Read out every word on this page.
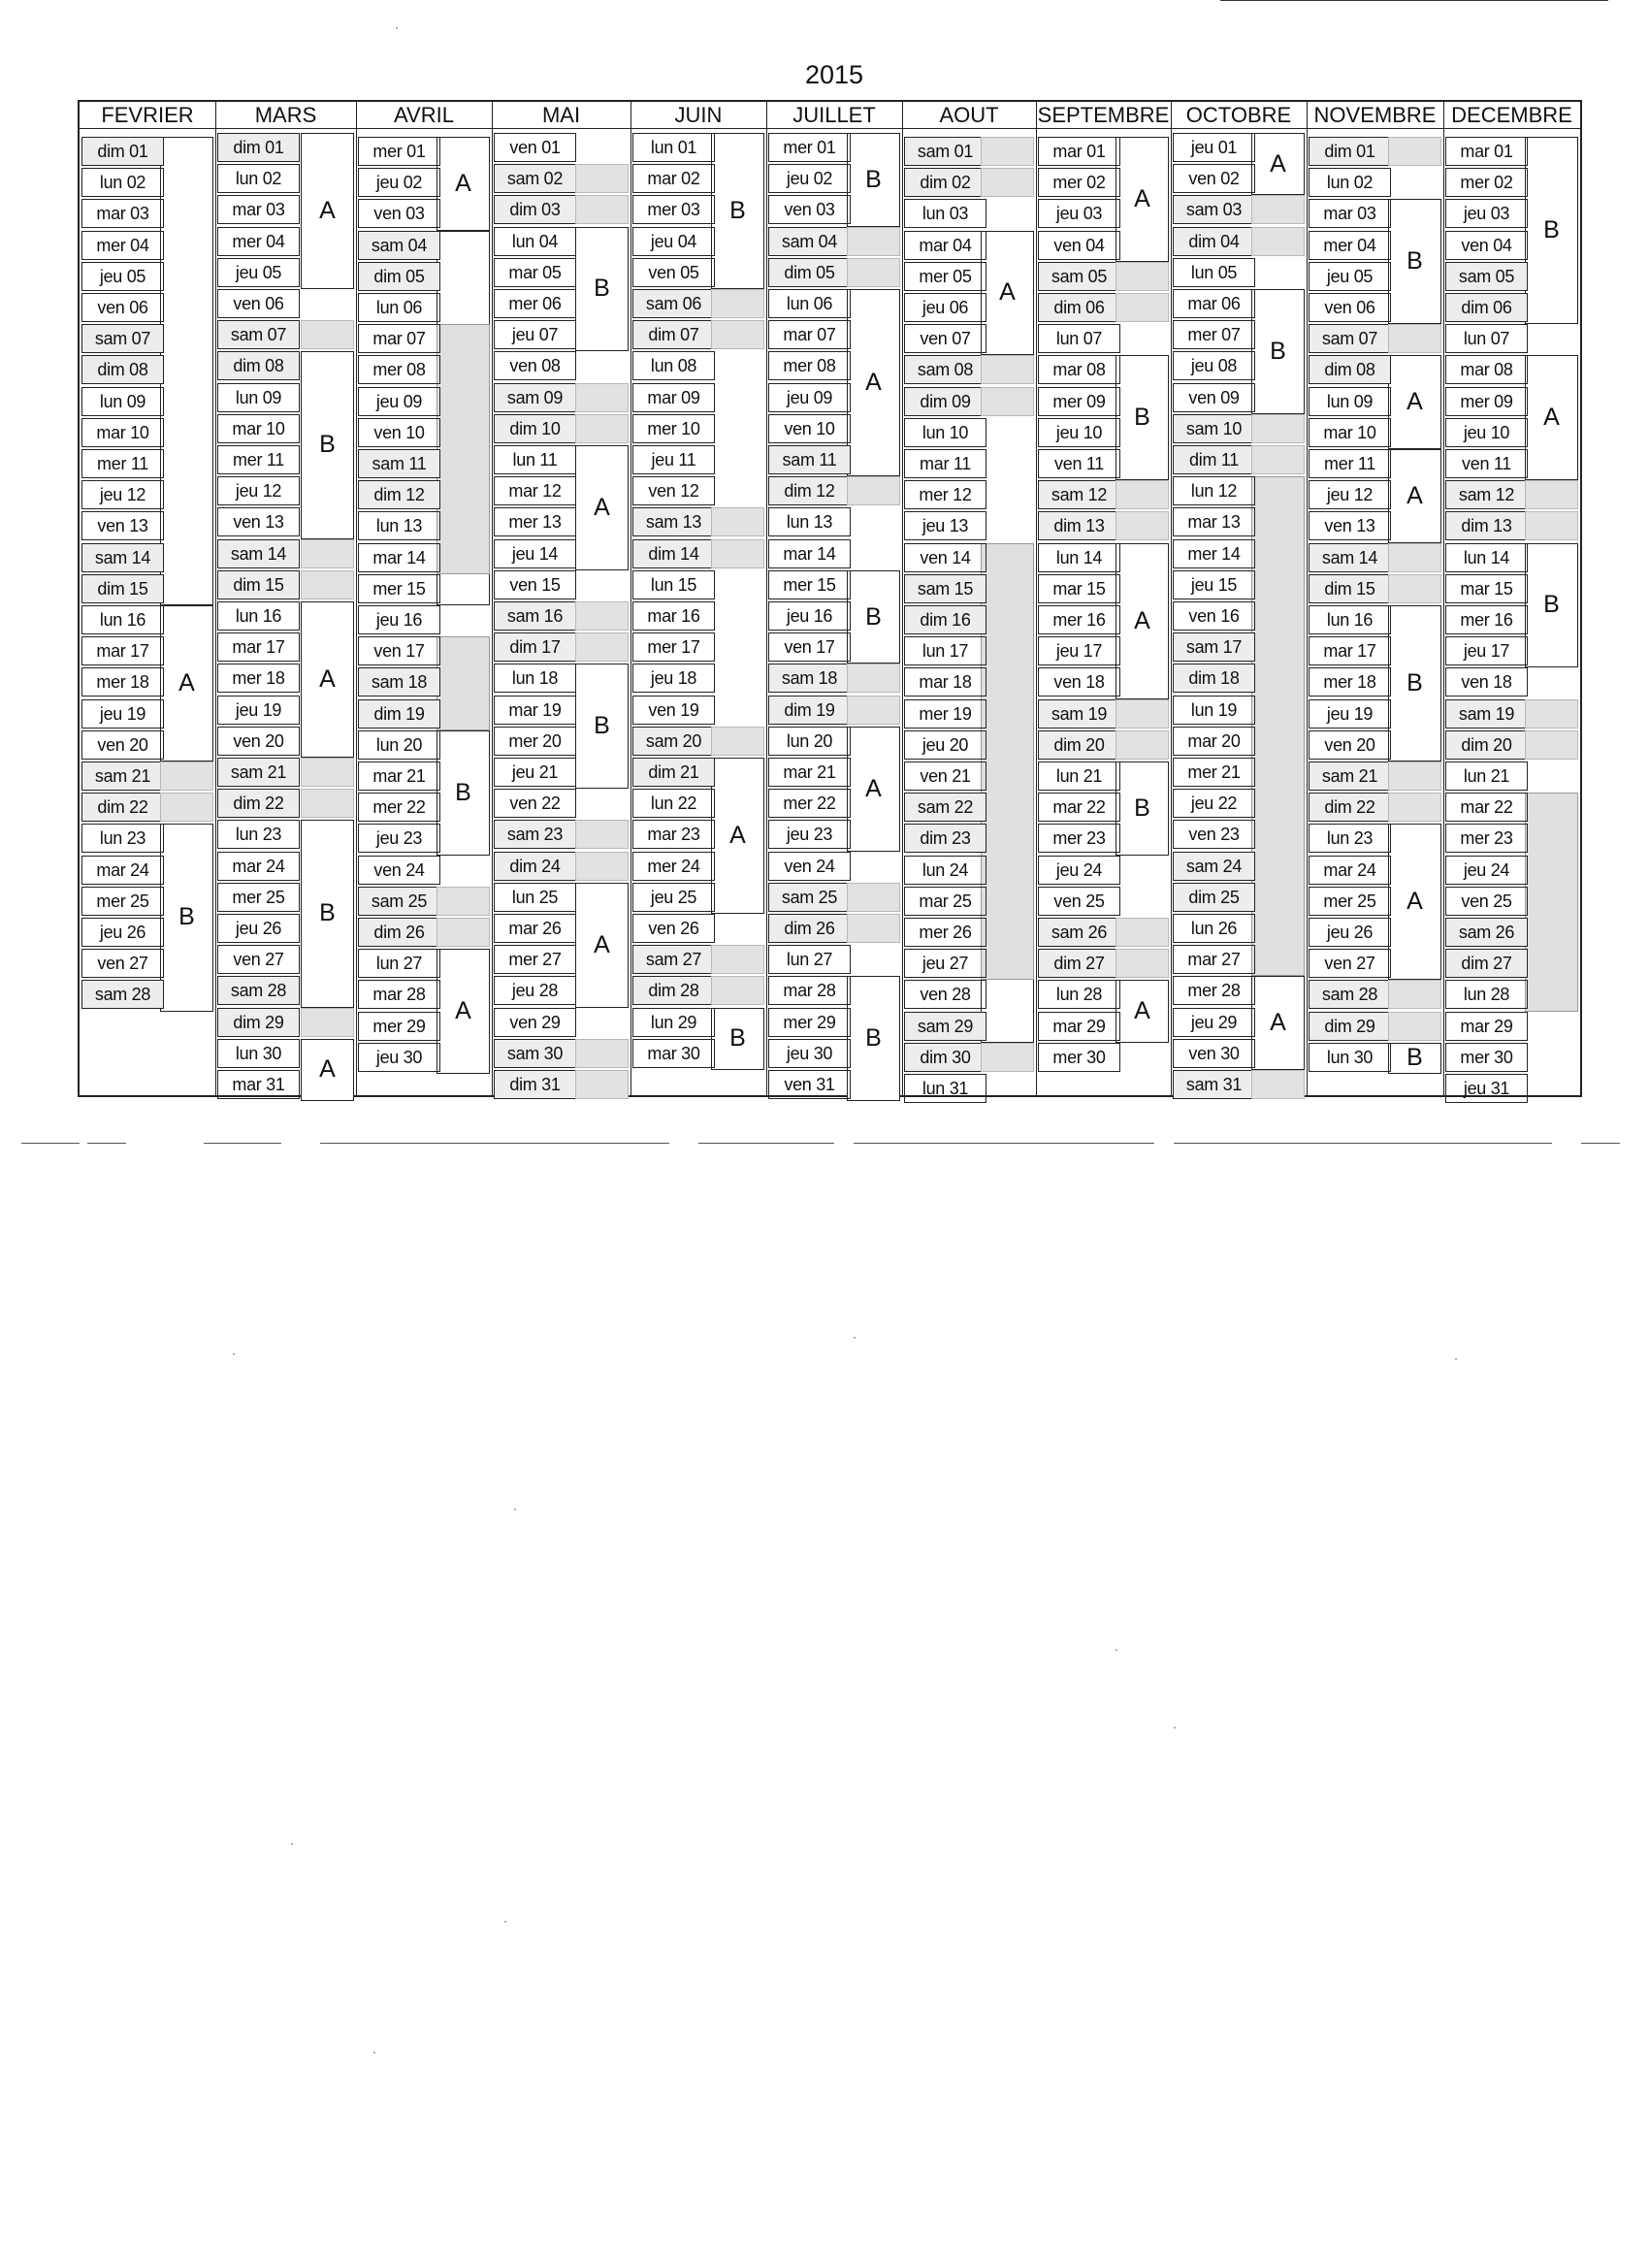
2015
FEVRIER
A
B
dim 01
lun 02
mar 03
mer 04
jeu 05
ven 06
sam 07
dim 08
lun 09
mar 10
mer 11
jeu 12
ven 13
sam 14
dim 15
lun 16
mar 17
mer 18
jeu 19
ven 20
sam 21
dim 22
lun 23
mar 24
mer 25
jeu 26
ven 27
sam 28
MARS
A
B
A
B
A
dim 01
lun 02
mar 03
mer 04
jeu 05
ven 06
sam 07
dim 08
lun 09
mar 10
mer 11
jeu 12
ven 13
sam 14
dim 15
lun 16
mar 17
mer 18
jeu 19
ven 20
sam 21
dim 22
lun 23
mar 24
mer 25
jeu 26
ven 27
sam 28
dim 29
lun 30
mar 31
AVRIL
A
B
A
mer 01
jeu 02
ven 03
sam 04
dim 05
lun 06
mar 07
mer 08
jeu 09
ven 10
sam 11
dim 12
lun 13
mar 14
mer 15
jeu 16
ven 17
sam 18
dim 19
lun 20
mar 21
mer 22
jeu 23
ven 24
sam 25
dim 26
lun 27
mar 28
mer 29
jeu 30
MAI
B
A
B
A
ven 01
sam 02
dim 03
lun 04
mar 05
mer 06
jeu 07
ven 08
sam 09
dim 10
lun 11
mar 12
mer 13
jeu 14
ven 15
sam 16
dim 17
lun 18
mar 19
mer 20
jeu 21
ven 22
sam 23
dim 24
lun 25
mar 26
mer 27
jeu 28
ven 29
sam 30
dim 31
JUIN
B
A
B
lun 01
mar 02
mer 03
jeu 04
ven 05
sam 06
dim 07
lun 08
mar 09
mer 10
jeu 11
ven 12
sam 13
dim 14
lun 15
mar 16
mer 17
jeu 18
ven 19
sam 20
dim 21
lun 22
mar 23
mer 24
jeu 25
ven 26
sam 27
dim 28
lun 29
mar 30
JUILLET
B
A
B
A
B
mer 01
jeu 02
ven 03
sam 04
dim 05
lun 06
mar 07
mer 08
jeu 09
ven 10
sam 11
dim 12
lun 13
mar 14
mer 15
jeu 16
ven 17
sam 18
dim 19
lun 20
mar 21
mer 22
jeu 23
ven 24
sam 25
dim 26
lun 27
mar 28
mer 29
jeu 30
ven 31
AOUT
A
sam 01
dim 02
lun 03
mar 04
mer 05
jeu 06
ven 07
sam 08
dim 09
lun 10
mar 11
mer 12
jeu 13
ven 14
sam 15
dim 16
lun 17
mar 18
mer 19
jeu 20
ven 21
sam 22
dim 23
lun 24
mar 25
mer 26
jeu 27
ven 28
sam 29
dim 30
lun 31
SEPTEMBRE
A
B
A
B
A
mar 01
mer 02
jeu 03
ven 04
sam 05
dim 06
lun 07
mar 08
mer 09
jeu 10
ven 11
sam 12
dim 13
lun 14
mar 15
mer 16
jeu 17
ven 18
sam 19
dim 20
lun 21
mar 22
mer 23
jeu 24
ven 25
sam 26
dim 27
lun 28
mar 29
mer 30
OCTOBRE
A
B
A
jeu 01
ven 02
sam 03
dim 04
lun 05
mar 06
mer 07
jeu 08
ven 09
sam 10
dim 11
lun 12
mar 13
mer 14
jeu 15
ven 16
sam 17
dim 18
lun 19
mar 20
mer 21
jeu 22
ven 23
sam 24
dim 25
lun 26
mar 27
mer 28
jeu 29
ven 30
sam 31
NOVEMBRE
B
A
A
B
A
B
dim 01
lun 02
mar 03
mer 04
jeu 05
ven 06
sam 07
dim 08
lun 09
mar 10
mer 11
jeu 12
ven 13
sam 14
dim 15
lun 16
mar 17
mer 18
jeu 19
ven 20
sam 21
dim 22
lun 23
mar 24
mer 25
jeu 26
ven 27
sam 28
dim 29
lun 30
DECEMBRE
B
A
B
mar 01
mer 02
jeu 03
ven 04
sam 05
dim 06
lun 07
mar 08
mer 09
jeu 10
ven 11
sam 12
dim 13
lun 14
mar 15
mer 16
jeu 17
ven 18
sam 19
dim 20
lun 21
mar 22
mer 23
jeu 24
ven 25
sam 26
dim 27
lun 28
mar 29
mer 30
jeu 31
